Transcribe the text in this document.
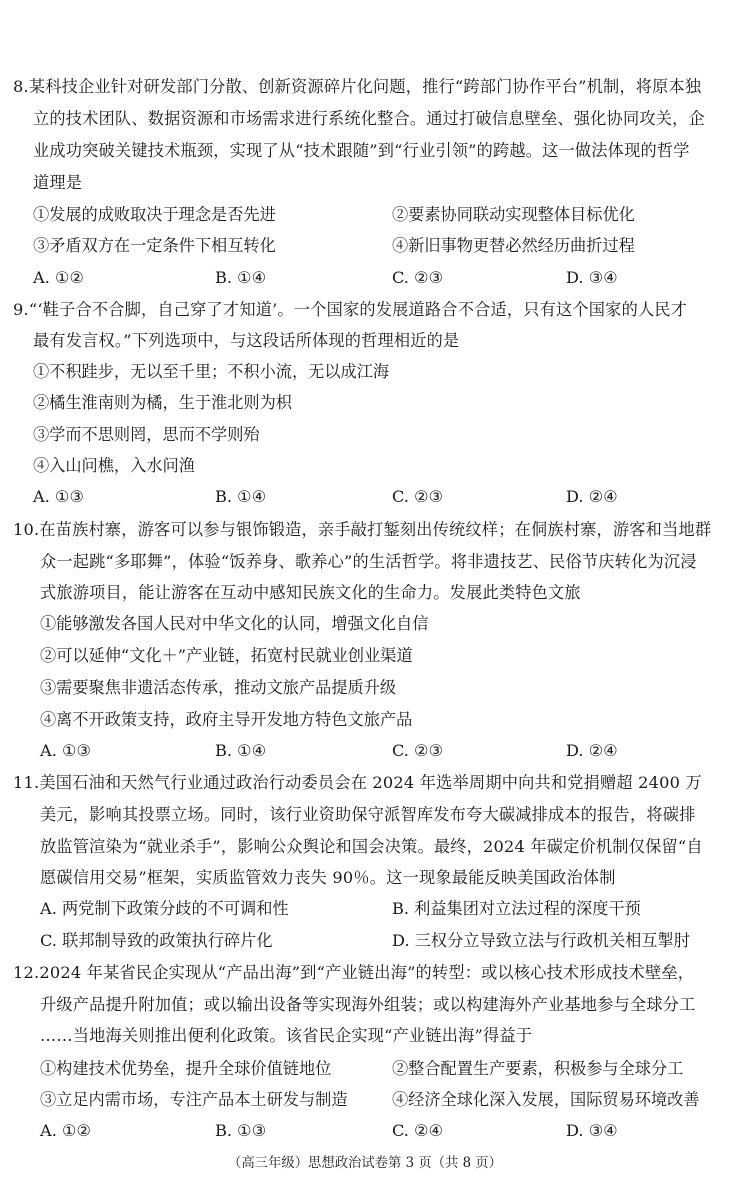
8.某科技企业针对研发部门分散、创新资源碎片化问题，推行“跨部门协作平台”机制，将原本独
立的技术团队、数据资源和市场需求进行系统化整合。通过打破信息壁垒、强化协同攻关，企
业成功突破关键技术瓶颈，实现了从“技术跟随”到“行业引领”的跨越。这一做法体现的哲学
道理是
①发展的成败取决于理念是否先进	②要素协同联动实现整体目标优化
③矛盾双方在一定条件下相互转化	④新旧事物更替必然经历曲折过程
A. ①②	B. ①④	C. ②③	D. ③④
9.“‘鞋子合不合脚，自己穿了才知道’。一个国家的发展道路合不合适，只有这个国家的人民才
最有发言权。”下列选项中，与这段话所体现的哲理相近的是
①不积跬步，无以至千里；不积小流，无以成江海
②橘生淮南则为橘，生于淮北则为枳
③学而不思则罔，思而不学则殆
④入山问樵，入水问渔
A. ①③	B. ①④	C. ②③	D. ②④
10.在苗族村寨，游客可以参与银饰锻造，亲手敲打錾刻出传统纹样；在侗族村寨，游客和当地群
众一起跳“多耶舞”，体验“饭养身、歌养心”的生活哲学。将非遗技艺、民俗节庆转化为沉浸
式旅游项目，能让游客在互动中感知民族文化的生命力。发展此类特色文旅
①能够激发各国人民对中华文化的认同，增强文化自信
②可以延伸“文化＋”产业链，拓宽村民就业创业渠道
③需要聚焦非遗活态传承，推动文旅产品提质升级
④离不开政策支持，政府主导开发地方特色文旅产品
A. ①③	B. ①④	C. ②③	D. ②④
11.美国石油和天然气行业通过政治行动委员会在 2024 年选举周期中向共和党捐赠超 2400 万
美元，影响其投票立场。同时，该行业资助保守派智库发布夸大碳减排成本的报告，将碳排
放监管渲染为“就业杀手”，影响公众舆论和国会决策。最终，2024 年碳定价机制仅保留“自
愿碳信用交易”框架，实质监管效力丧失 90％。这一现象最能反映美国政治体制
A. 两党制下政策分歧的不可调和性	B. 利益集团对立法过程的深度干预
C. 联邦制导致的政策执行碎片化	D. 三权分立导致立法与行政机关相互掣肘
12.2024 年某省民企实现从“产品出海”到“产业链出海”的转型：或以核心技术形成技术壁垒，
升级产品提升附加值；或以输出设备等实现海外组装；或以构建海外产业基地参与全球分工
……当地海关则推出便利化政策。该省民企实现“产业链出海”得益于
①构建技术优势垒，提升全球价值链地位	②整合配置生产要素，积极参与全球分工
③立足内需市场，专注产品本土研发与制造	④经济全球化深入发展，国际贸易环境改善
A. ①②	B. ①③	C. ②④	D. ③④
（高三年级）思想政治试卷第 3 页（共 8 页）
